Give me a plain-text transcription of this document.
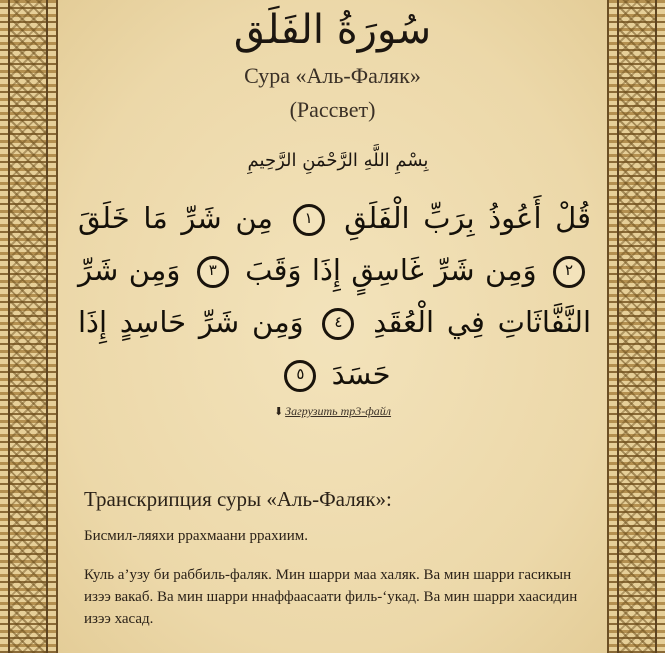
سُورَةُ الفَلَق
Сура «Аль-Фаляк»
(Рассвет)
بِسْمِ اللَّهِ الرَّحْمَنِ الرَّحِيمِ
قُلْ أَعُوذُ بِرَبِّ الْفَلَقِ ١ مِن شَرِّ مَا خَلَقَ ٢ وَمِن شَرِّ غَاسِقٍ إِذَا وَقَبَ ٣ وَمِن شَرِّ النَّفَّاثَاتِ فِي الْعُقَدِ ٤ وَمِن شَرِّ حَاسِدٍ إِذَا حَسَدَ ٥
⬇ Загрузить mp3-файл
Транскрипция суры «Аль-Фаляк»:
Бисмил-ляяхи ррахмаани ррахиим.
Куль а’узу би раббиль-фаляк. Мин шарри маа халяк. Ва мин шарри гасикын изээ вакаб. Ва мин шарри ннаффаасаати филь-‘укад. Ва мин шарри хаасидин изээ хасад.
